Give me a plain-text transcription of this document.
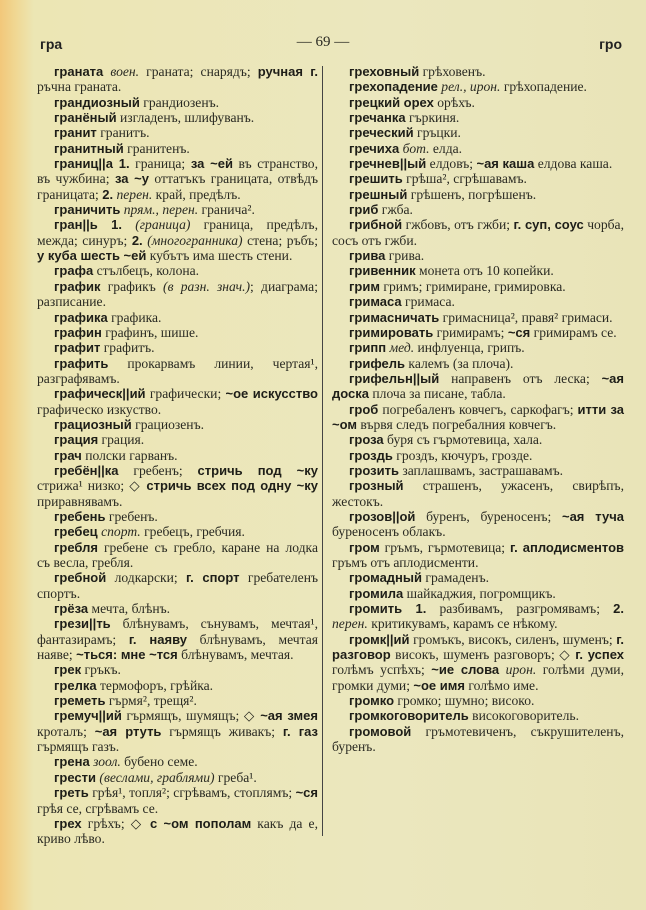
гра	— 69 —	гро

граната воен. граната; снарядъ; ручная г. ръчна граната.

грандиозный грандиозенъ.

гранёный изгладенъ, шлифуванъ.

гранит гранитъ.

гранитный гранитенъ.

границ||а 1. граница; за ~ей въ странство, въ чужбина; за ~у оттатъкъ границата, отвѣдъ границата; 2. перен. край, предѣлъ.

граничить прям., перен. гранича².

гран||ь 1. (граница) граница, предѣлъ, межда; синуръ; 2. (многогранника) стена; ръбъ; у куба шесть ~ей кубътъ има шесть стени.

графа стълбецъ, колона.

график графикъ (в разн. знач.); диаграма; разписание.

графика графика.

графин графинъ, шише.

графит графитъ.

графить прокарвамъ линии, чертая¹, разграфявамъ.

графическ||ий графически; ~ое искусство графическо изкуство.

грациозный грациозенъ.

грация грация.

грач полски гарванъ.

гребён||ка гребенъ; стричь под ~ку стрижа¹ низко; ◇ стричь всех под одну ~ку приравнявамъ.

гребень гребенъ.

гребец спорт. гребецъ, гребчия.

гребля гребене съ гребло, каране на лодка съ весла, гребля.

гребной лодкарски; г. спорт гребателенъ спортъ.

грёза мечта, блѣнъ.

грези||ть блѣнувамъ, сънувамъ, мечтая¹, фантазирамъ; г. наяву блѣнувамъ, мечтая наяве; ~ться: мне ~тся блѣнувамъ, мечтая.

грек гръкъ.

грелка термофоръ, грѣйка.

греметь гърмя², трещя².

гремуч||ий гърмящъ, шумящъ; ◇ ~ая змея кроталъ; ~ая ртуть гърмящъ живакъ; г. газ гърмящъ газъ.

грена зоол. бубено семе.

грести (веслами, граблями) греба¹.

греть грѣя¹, топля²; сгрѣвамъ, стоплямъ; ~ся грѣя се, сгрѣвамъ се.

грех грѣхъ; ◇ с ~ом пополам какъ да е, криво лѣво.

греховный грѣховенъ.

грехопадение рел., ирон. грѣхопадение.

грецкий орех орѣхъ.

гречанка гъркиня.

греческий гръцки.

гречиха бот. елда.

гречнев||ый елдовъ; ~ая каша елдова каша.

грешить грѣша², сгрѣшавамъ.

грешный грѣшенъ, погрѣшенъ.

гриб гжба.

грибной гжбовъ, отъ гжби; г. суп, соус чорба, сосъ отъ гжби.

грива грива.

гривенник монета отъ 10 копейки.

грим гримъ; гримиране, гримировка.

гримаса гримаса.

гримасничать гримасница², правя² гримаси.

гримировать гримирамъ; ~ся гримирамъ се.

грипп мед. инфлуенца, грипъ.

грифель калемъ (за плоча).

грифельн||ый направенъ отъ леска; ~ая доска плоча за писане, табла.

гроб погребаленъ ковчегъ, саркофагъ; итти за ~ом вървя следъ погребалния ковчегъ.

гроза буря съ гърмотевица, хала.

гроздь гроздъ, кючуръ, грозде.

грозить заплашвамъ, застрашавамъ.

грозный страшенъ, ужасенъ, свирѣпъ, жестокъ.

грозов||ой буренъ, буреносенъ; ~ая туча буреносенъ облакъ.

гром гръмъ, гърмотевица; г. аплодисментов гръмъ отъ аплодисменти.

громадный грамаденъ.

громила шайкаджия, погромщикъ.

громить 1. разбивамъ, разгромявамъ; 2. перен. критикувамъ, карамъ се нѣкому.

громк||ий громъкъ, високъ, силенъ, шуменъ; г. разговор високъ, шуменъ разговоръ; ◇ г. успех голѣмъ успѣхъ; ~ие слова ирон. голѣми думи, громки думи; ~ое имя голѣмо име.

громко громко; шумно; високо.

громкоговоритель високоговоритель.

громовой гръмотевиченъ, съкрушителенъ, буренъ.
